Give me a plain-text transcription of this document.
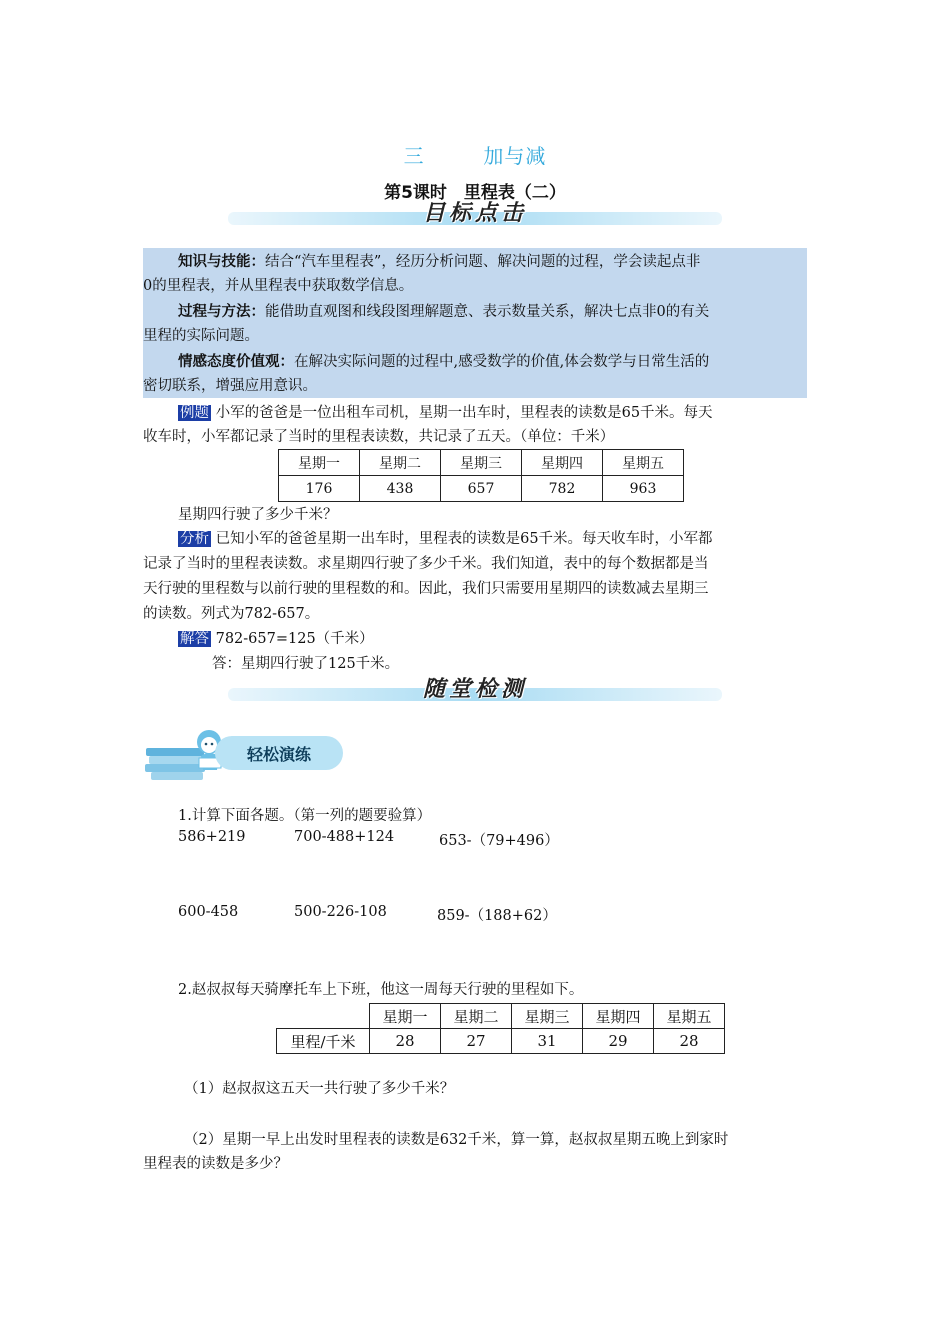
三	加与减
第5课时　里程表（二）
目标点击
知识与技能：结合“汽车里程表”，经历分析问题、解决问题的过程，学会读起点非
0的里程表，并从里程表中获取数学信息。
过程与方法：能借助直观图和线段图理解题意、表示数量关系，解决七点非0的有关
里程的实际问题。
情感态度价值观：在解决实际问题的过程中,感受数学的价值,体会数学与日常生活的
密切联系，增强应用意识。
例题 小军的爸爸是一位出租车司机，星期一出车时，里程表的读数是65千米。每天
收车时，小军都记录了当时的里程表读数，共记录了五天。（单位：千米）
星期一	星期二	星期三	星期四	星期五
176	438	657	782	963
星期四行驶了多少千米？
分析 已知小军的爸爸星期一出车时，里程表的读数是65千米。每天收车时，小军都
记录了当时的里程表读数。求星期四行驶了多少千米。我们知道，表中的每个数据都是当
天行驶的里程数与以前行驶的里程数的和。因此，我们只需要用星期四的读数减去星期三
的读数。列式为782-657。
解答 782-657=125（千米）
答：星期四行驶了125千米。
随堂检测
轻松演练
1.计算下面各题。（第一列的题要验算）
586+219	700-488+124	653-（79+496）
600-458	500-226-108	859-（188+62）
2.赵叔叔每天骑摩托车上下班，他这一周每天行驶的里程如下。
	星期一	星期二	星期三	星期四	星期五
里程/千米	28	27	31	29	28
（1）赵叔叔这五天一共行驶了多少千米？
（2）星期一早上出发时里程表的读数是632千米，算一算，赵叔叔星期五晚上到家时
里程表的读数是多少？
